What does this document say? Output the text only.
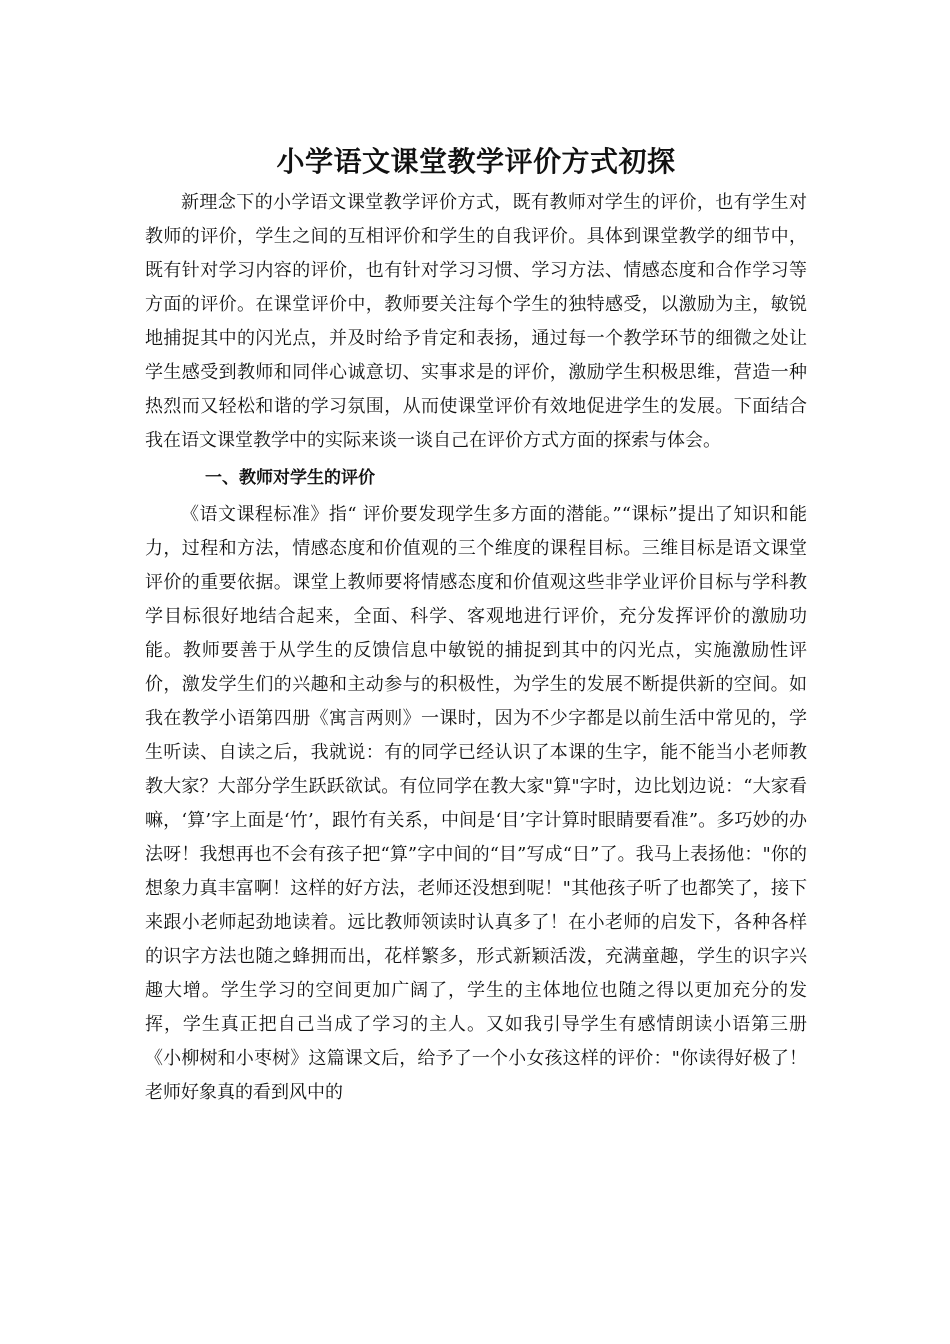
小学语文课堂教学评价方式初探

新理念下的小学语文课堂教学评价方式，既有教师对学生的评价，也有学生对教师的评价，学生之间的互相评价和学生的自我评价。具体到课堂教学的细节中，既有针对学习内容的评价，也有针对学习习惯、学习方法、情感态度和合作学习等方面的评价。在课堂评价中，教师要关注每个学生的独特感受，以激励为主，敏锐地捕捉其中的闪光点，并及时给予肯定和表扬，通过每一个教学环节的细微之处让学生感受到教师和同伴心诚意切、实事求是的评价，激励学生积极思维，营造一种热烈而又轻松和谐的学习氛围，从而使课堂评价有效地促进学生的发展。下面结合我在语文课堂教学中的实际来谈一谈自己在评价方式方面的探索与体会。

一、教师对学生的评价

《语文课程标准》指“ 评价要发现学生多方面的潜能。”“课标”提出了知识和能力，过程和方法，情感态度和价值观的三个维度的课程目标。三维目标是语文课堂评价的重要依据。课堂上教师要将情感态度和价值观这些非学业评价目标与学科教学目标很好地结合起来，全面、科学、客观地进行评价，充分发挥评价的激励功能。教师要善于从学生的反馈信息中敏锐的捕捉到其中的闪光点，实施激励性评价，激发学生们的兴趣和主动参与的积极性，为学生的发展不断提供新的空间。如我在教学小语第四册《寓言两则》一课时，因为不少字都是以前生活中常见的，学生听读、自读之后，我就说：有的同学已经认识了本课的生字，能不能当小老师教教大家？大部分学生跃跃欲试。有位同学在教大家"算"字时，边比划边说：“大家看嘛，‘算’字上面是‘竹’，跟竹有关系，中间是‘目’字计算时眼睛要看准”。多巧妙的办法呀！我想再也不会有孩子把“算”字中间的“目”写成“日”了。我马上表扬他："你的想象力真丰富啊！这样的好方法，老师还没想到呢！"其他孩子听了也都笑了，接下来跟小老师起劲地读着。远比教师领读时认真多了！在小老师的启发下，各种各样的识字方法也随之蜂拥而出，花样繁多，形式新颖活泼，充满童趣，学生的识字兴趣大增。学生学习的空间更加广阔了，学生的主体地位也随之得以更加充分的发挥，学生真正把自己当成了学习的主人。又如我引导学生有感情朗读小语第三册《小柳树和小枣树》这篇课文后，给予了一个小女孩这样的评价："你读得好极了！老师好象真的看到风中的
